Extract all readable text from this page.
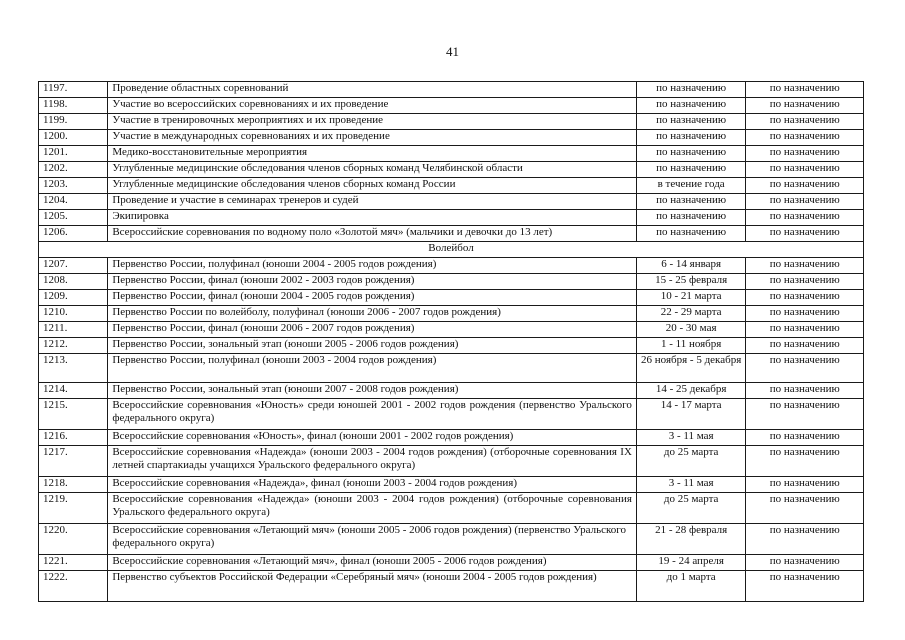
41
1197.	Проведение областных соревнований	по назначению	по назначению
1198.	Участие во всероссийских соревнованиях и их проведение	по назначению	по назначению
1199.	Участие в тренировочных мероприятиях и их проведение	по назначению	по назначению
1200.	Участие в международных соревнованиях и их проведение	по назначению	по назначению
1201.	Медико-восстановительные мероприятия	по назначению	по назначению
1202.	Углубленные медицинские обследования членов сборных команд Челябинской области	по назначению	по назначению
1203.	Углубленные медицинские обследования членов сборных команд России	в течение года	по назначению
1204.	Проведение и участие в семинарах тренеров и судей	по назначению	по назначению
1205.	Экипировка	по назначению	по назначению
1206.	Всероссийские соревнования по водному поло «Золотой мяч» (мальчики и девочки до 13 лет)	по назначению	по назначению
Волейбол			
1207.	Первенство России, полуфинал (юноши 2004 - 2005 годов рождения)	6 - 14 января	по назначению
1208.	Первенство России, финал (юноши 2002 - 2003 годов рождения)	15 - 25 февраля	по назначению
1209.	Первенство России, финал (юноши 2004 - 2005 годов рождения)	10 - 21 марта	по назначению
1210.	Первенство России по волейболу, полуфинал (юноши 2006 - 2007 годов рождения)	22 - 29 марта	по назначению
1211.	Первенство России, финал (юноши 2006 - 2007 годов рождения)	20 - 30 мая	по назначению
1212.	Первенство России, зональный этап (юноши 2005 - 2006 годов рождения)	1 - 11 ноября	по назначению
1213.	Первенство России, полуфинал (юноши 2003 - 2004 годов рождения)	26 ноября - 5 декабря	по назначению
1214.	Первенство России, зональный этап (юноши 2007 - 2008 годов рождения)	14 - 25 декабря	по назначению
1215.	Всероссийские соревнования «Юность» среди юношей 2001 - 2002 годов рождения (первенство Уральского федерального округа)	14 - 17 марта	по назначению
1216.	Всероссийские соревнования «Юность», финал (юноши 2001 - 2002 годов рождения)	3 - 11 мая	по назначению
1217.	Всероссийские соревнования «Надежда» (юноши 2003 - 2004 годов рождения) (отборочные соревнования IX летней спартакиады учащихся Уральского федерального округа)	до 25 марта	по назначению
1218.	Всероссийские соревнования «Надежда», финал (юноши 2003 - 2004 годов рождения)	3 - 11 мая	по назначению
1219.	Всероссийские соревнования «Надежда» (юноши 2003 - 2004 годов рождения) (отборочные соревнования Уральского федерального округа)	до 25 марта	по назначению
1220.	Всероссийские соревнования «Летающий мяч» (юноши 2005 - 2006 годов рождения) (первенство Уральского федерального округа)	21 - 28 февраля	по назначению
1221.	Всероссийские соревнования «Летающий мяч», финал (юноши 2005 - 2006 годов рождения)	19 - 24 апреля	по назначению
1222.	Первенство субъектов Российской Федерации «Серебряный мяч» (юноши 2004 - 2005 годов рождения)	до 1 марта	по назначению
